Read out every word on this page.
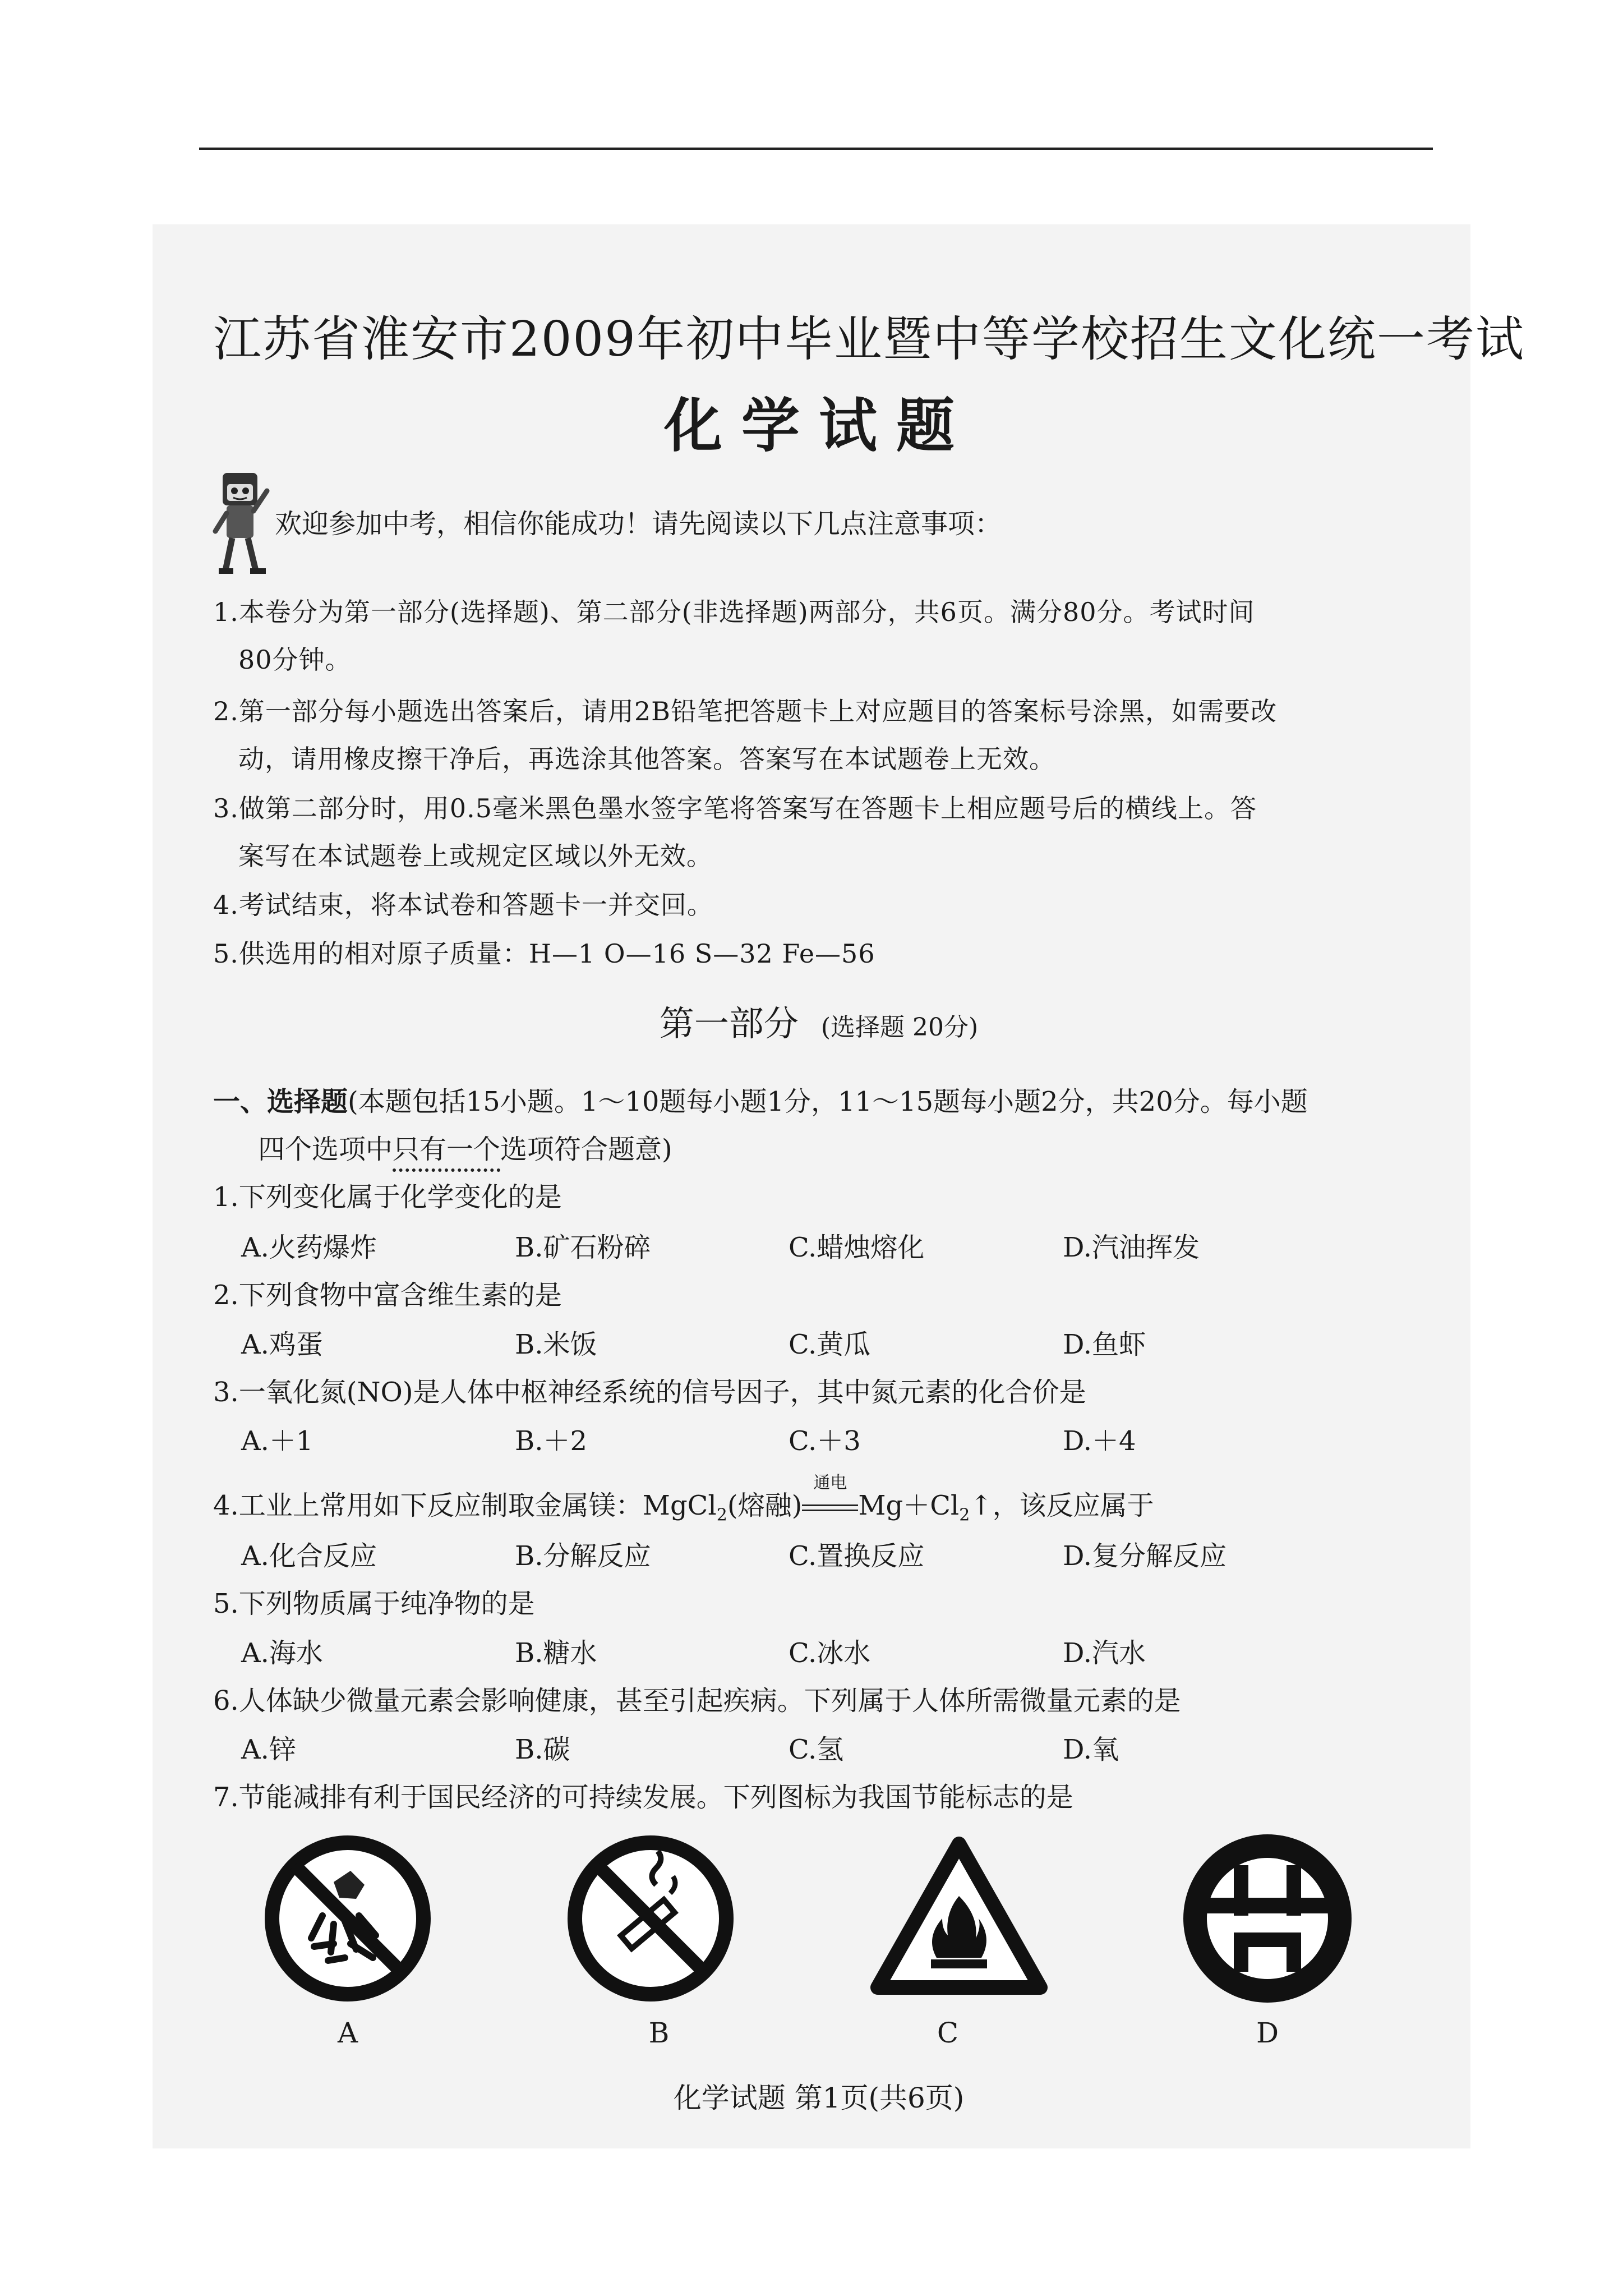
江苏省淮安市2009年初中毕业暨中等学校招生文化统一考试
化学试题
欢迎参加中考，相信你能成功！请先阅读以下几点注意事项：
1.本卷分为第一部分(选择题)、第二部分(非选择题)两部分，共6页。满分80分。考试时间
80分钟。
2.第一部分每小题选出答案后，请用2B铅笔把答题卡上对应题目的答案标号涂黑，如需要改
动，请用橡皮擦干净后，再选涂其他答案。答案写在本试题卷上无效。
3.做第二部分时，用0.5毫米黑色墨水签字笔将答案写在答题卡上相应题号后的横线上。答
案写在本试题卷上或规定区域以外无效。
4.考试结束，将本试卷和答题卡一并交回。
5.供选用的相对原子质量：H—1 O—16 S—32 Fe—56
第一部分 (选择题 20分)
一、选择题(本题包括15小题。1～10题每小题1分，11～15题每小题2分，共20分。每小题
四个选项中只有一个选项符合题意)
1.下列变化属于化学变化的是
A.火药爆炸	B.矿石粉碎	C.蜡烛熔化	D.汽油挥发
2.下列食物中富含维生素的是
A.鸡蛋	B.米饭	C.黄瓜	D.鱼虾
3.一氧化氮(NO)是人体中枢神经系统的信号因子，其中氮元素的化合价是
A.＋1	B.＋2	C.＋3	D.＋4
4.工业上常用如下反应制取金属镁：MgCl$_2$(熔融)
通电
$Mg+Cl_2↑$，该反应属于
A.化合反应	B.分解反应	C.置换反应	D.复分解反应
5.下列物质属于纯净物的是
A.海水	B.糖水	C.冰水	D.汽水
6.人体缺少微量元素会影响健康，甚至引起疾病。下列属于人体所需微量元素的是
A.锌	B.碳	C.氢	D.氧
7.节能减排有利于国民经济的可持续发展。下列图标为我国节能标志的是
A	B	C	D
化学试题 第1页(共6页)
